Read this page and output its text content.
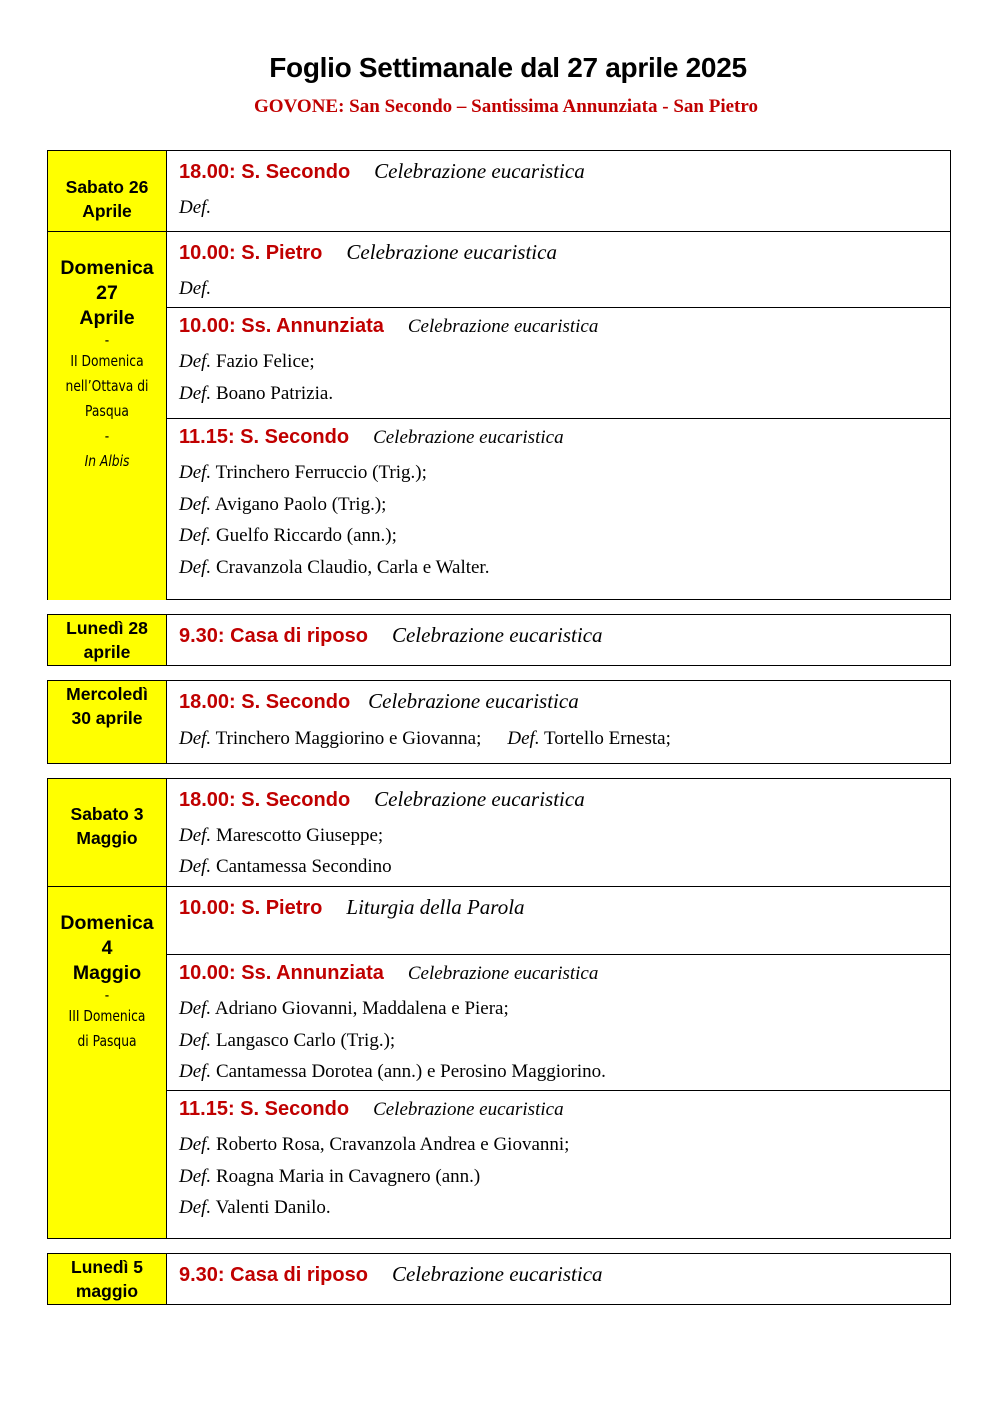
Foglio Settimanale dal 27 aprile 2025
GOVONE: San Secondo – Santissima Annunziata - San Pietro
Sabato 26
Aprile
18.00: S. Secondo Celebrazione eucaristica
Def.
Domenica
27
Aprile
-
II Domenica
nell’Ottava di
Pasqua
-
In Albis
10.00: S. Pietro Celebrazione eucaristica
Def.
10.00: Ss. Annunziata Celebrazione eucaristica
Def. Fazio Felice;
Def. Boano Patrizia.
11.15: S. Secondo Celebrazione eucaristica
Def. Trinchero Ferruccio (Trig.);
Def. Avigano Paolo (Trig.);
Def. Guelfo Riccardo (ann.);
Def. Cravanzola Claudio, Carla e Walter.
Lunedì 28
aprile
9.30: Casa di riposo Celebrazione eucaristica
Mercoledì
30 aprile
18.00: S. Secondo Celebrazione eucaristica
Def. Trinchero Maggiorino e Giovanna; Def. Tortello Ernesta;
Sabato 3
Maggio
18.00: S. Secondo Celebrazione eucaristica
Def. Marescotto Giuseppe;
Def. Cantamessa Secondino
Domenica
4
Maggio
-
III Domenica
di Pasqua
10.00: S. Pietro Liturgia della Parola
10.00: Ss. Annunziata Celebrazione eucaristica
Def. Adriano Giovanni, Maddalena e Piera;
Def. Langasco Carlo (Trig.);
Def. Cantamessa Dorotea (ann.) e Perosino Maggiorino.
11.15: S. Secondo Celebrazione eucaristica
Def. Roberto Rosa, Cravanzola Andrea e Giovanni;
Def. Roagna Maria in Cavagnero (ann.)
Def. Valenti Danilo.
Lunedì 5
maggio
9.30: Casa di riposo Celebrazione eucaristica
